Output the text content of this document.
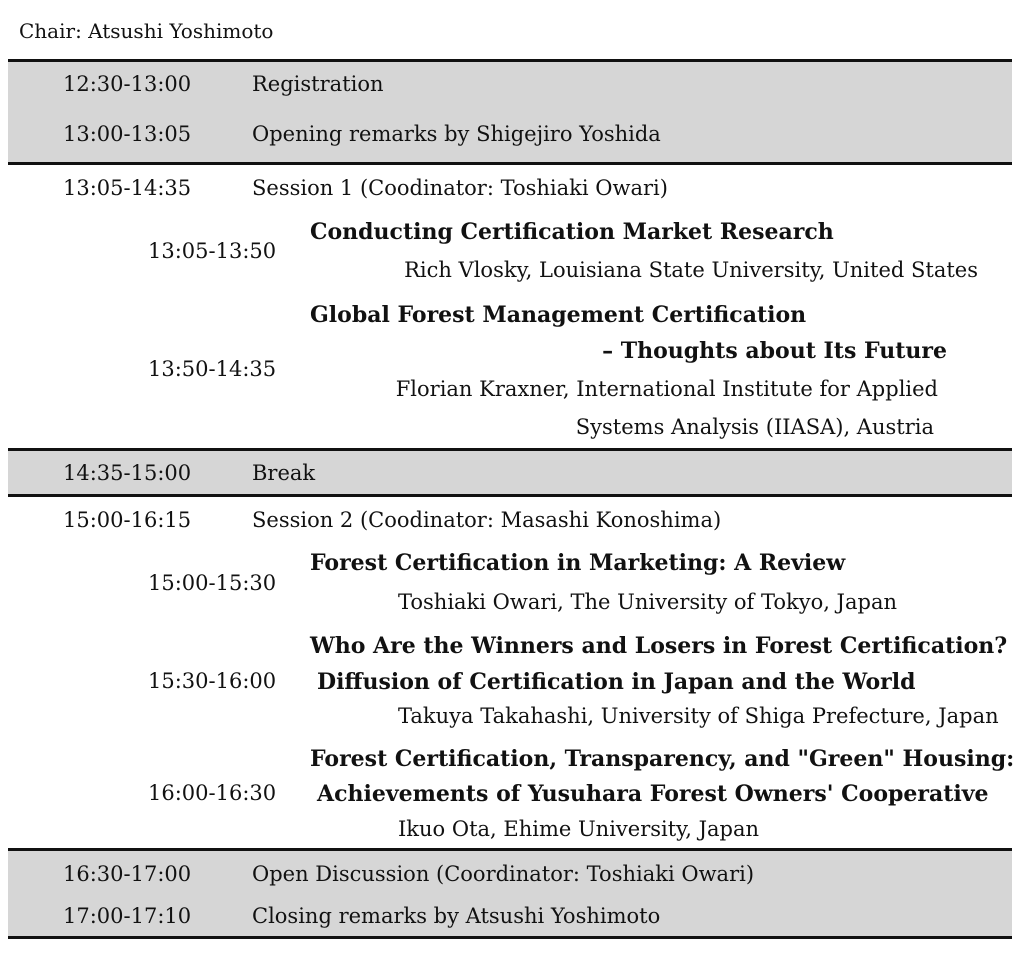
Chair: Atsushi Yoshimoto
12:30-13:00	Registration
13:00-13:05	Opening remarks by Shigejiro Yoshida
13:05-14:35	Session 1 (Coodinator: Toshiaki Owari)
13:05-13:50
Conducting Certification Market Research
Rich Vlosky, Louisiana State University, United States
13:50-14:35
Global Forest Management Certification
– Thoughts about Its Future
Florian Kraxner, International Institute for Applied
Systems Analysis (IIASA), Austria
14:35-15:00	Break
15:00-16:15	Session 2 (Coodinator: Masashi Konoshima)
15:00-15:30
Forest Certification in Marketing: A Review
Toshiaki Owari, The University of Tokyo, Japan
15:30-16:00
Who Are the Winners and Losers in Forest Certification?
Diffusion of Certification in Japan and the World
Takuya Takahashi, University of Shiga Prefecture, Japan
16:00-16:30
Forest Certification, Transparency, and "Green" Housing:
Achievements of Yusuhara Forest Owners' Cooperative
Ikuo Ota, Ehime University, Japan
16:30-17:00	Open Discussion (Coordinator: Toshiaki Owari)
17:00-17:10	Closing remarks by Atsushi Yoshimoto
